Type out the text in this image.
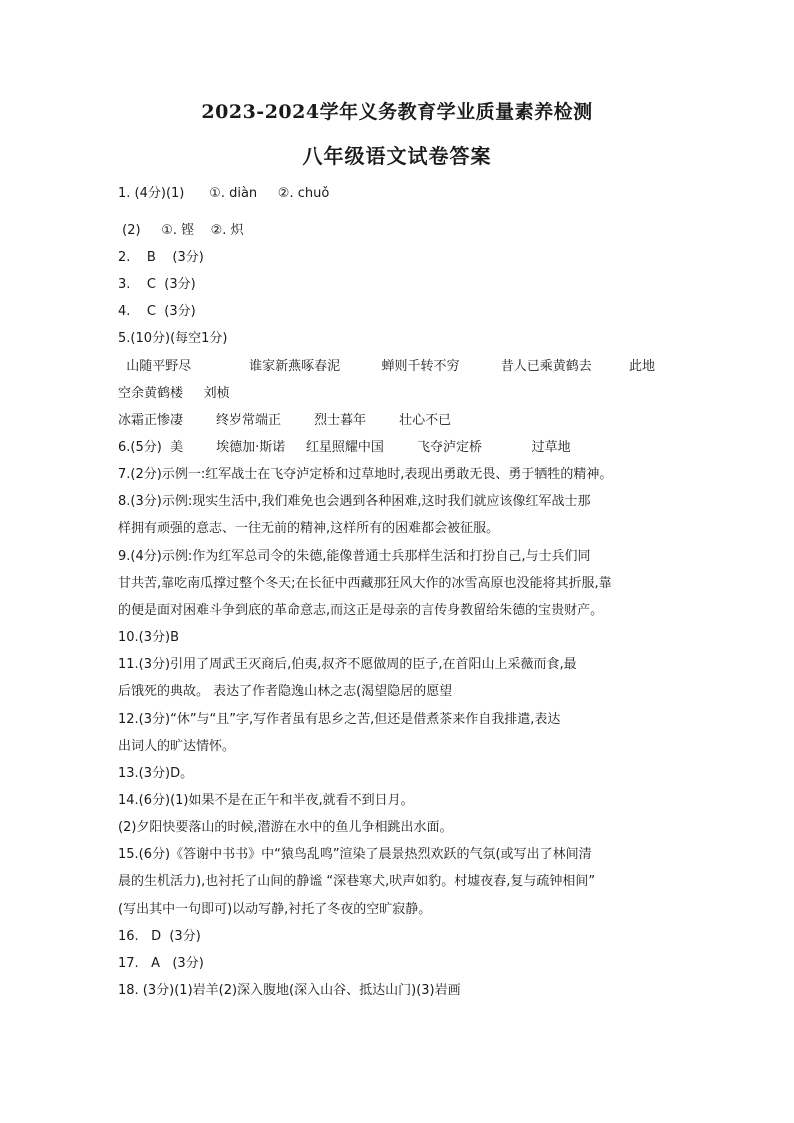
2023-2024学年义务教育学业质量素养检测
八年级语文试卷答案
1. (4分)(1)      ①. diàn     ②. chuǒ
(2)     ①. 铿    ②. 炽
2.    B    (3分)
3.    C  (3分)
4.    C  (3分)
5.(10分)(每空1分)
山随平野尽              谁家新燕啄春泥          蝉则千转不穷          昔人已乘黄鹤去         此地
空余黄鹤楼     刘桢
冰霜正惨凄        终岁常端正        烈士暮年        壮心不已
6.(5分)  美        埃德加·斯诺     红星照耀中国        飞夺泸定桥            过草地
7.(2分)示例一:红军战士在飞夺泸定桥和过草地时,表现出勇敢无畏、勇于牺牲的精神。
8.(3分)示例:现实生活中,我们难免也会遇到各种困难,这时我们就应该像红军战士那
样拥有顽强的意志、一往无前的精神,这样所有的困难都会被征服。
9.(4分)示例:作为红军总司令的朱德,能像普通士兵那样生活和打扮自己,与士兵们同
甘共苦,靠吃南瓜撑过整个冬天;在长征中西藏那狂风大作的冰雪高原也没能将其折服,靠
的便是面对困难斗争到底的革命意志,而这正是母亲的言传身教留给朱德的宝贵财产。
10.(3分)B
11.(3分)引用了周武王灭商后,伯夷,叔齐不愿做周的臣子,在首阳山上采薇而食,最
后饿死的典故。 表达了作者隐逸山林之志(渴望隐居的愿望
12.(3分)“休”与“且”字,写作者虽有思乡之苦,但还是借煮茶来作自我排遣,表达
出词人的旷达情怀。
13.(3分)D。
14.(6分)(1)如果不是在正午和半夜,就看不到日月。
(2)夕阳快要落山的时候,潜游在水中的鱼儿争相跳出水面。
15.(6分)《答谢中书书》中“猿鸟乱鸣”渲染了晨景热烈欢跃的气氛(或写出了林间清
晨的生机活力),也衬托了山间的静谧 “深巷寒犬,吠声如豹。村墟夜舂,复与疏钟相间”
(写出其中一句即可)以动写静,衬托了冬夜的空旷寂静。
16.   D  (3分)
17.   A   (3分)
18. (3分)(1)岩羊(2)深入腹地(深入山谷、抵达山门)(3)岩画
